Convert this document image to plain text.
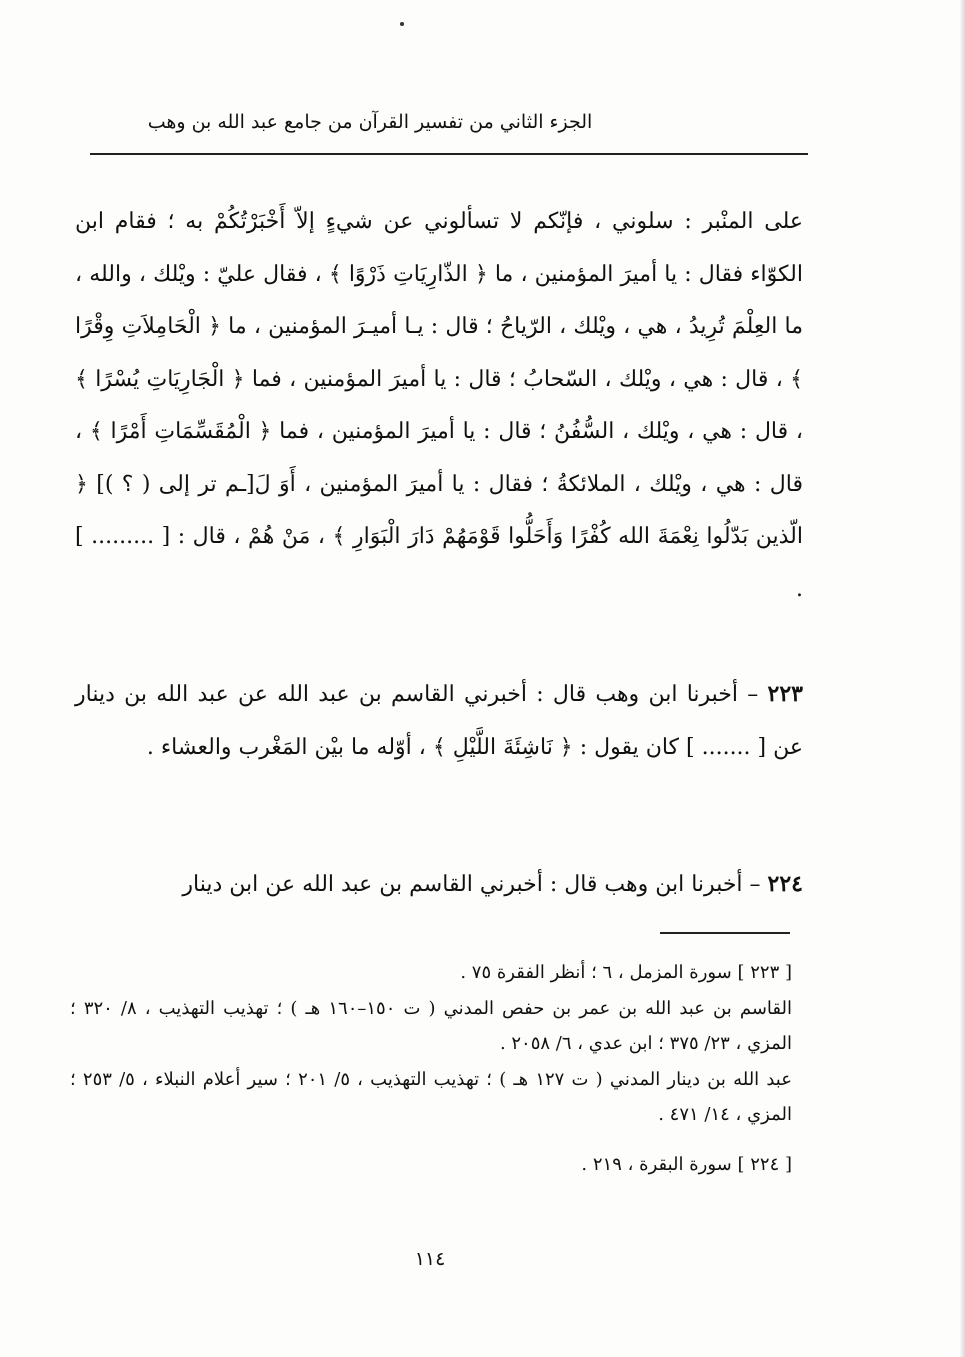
الجزء الثاني من تفسير القرآن من جامع عبد الله بن وهب
على المنْبر : سلوني ، فإنّكم لا تسألوني عن شيءٍ إلاّ أَخْبَرْتُكُمْ به ؛ فقام ابن الكوّاء فقال : يا أميرَ المؤمنين ، ما ﴿ الذّارِيَاتِ ذَرْوًا ﴾ ، فقال عليّ : ويْلك ، والله ، ما العِلْمَ تُرِيدُ ، هي ، ويْلك ، الرّياحُ ؛ قال : يـا أميـرَ المؤمنين ، ما ﴿ الْحَامِلاَتِ وِقْرًا ﴾ ، قال : هي ، ويْلك ، السّحابُ ؛ قال : يا أميرَ المؤمنين ، فما ﴿ الْجَارِيَاتِ يُسْرًا ﴾ ، قال : هي ، ويْلك ، السُّفُنُ ؛ قال : يا أميرَ المؤمنين ، فما ﴿ الْمُقَسِّمَاتِ أَمْرًا ﴾ ، قال : هي ، ويْلك ، الملائكةُ ؛ فقال : يا أميرَ المؤمنين ، أَوَ لَ[ـم تر إلى ( ؟ )] ﴿ الّذين بَدّلُوا نِعْمَةَ الله كُفْرًا وَأَحَلُّوا قَوْمَهُمْ دَارَ الْبَوَارِ ﴾ ، مَنْ هُمْ ، قال : [ ......... ] .
٢٢٣ – أخبرنا ابن وهب قال : أخبرني القاسم بن عبد الله عن عبد الله بن دينار عن [ ....... ] كان يقول : ﴿ نَاشِئَةَ اللَّيْلِ ﴾ ، أوّله ما بيْن المَغْرب والعشاء .
٢٢٤ – أخبرنا ابن وهب قال : أخبرني القاسم بن عبد الله عن ابن دينار
[ ٢٢٣ ] سورة المزمل ، ٦ ؛ أنظر الفقرة ٧٥ .
القاسم بن عبد الله بن عمر بن حفص المدني ( ت ١٥٠–١٦٠ هـ ) ؛ تهذيب التهذيب ، ٨/ ٣٢٠ ؛ المزي ، ٢٣/ ٣٧٥ ؛ ابن عدي ، ٦/ ٢٠٥٨ .
عبد الله بن دينار المدني ( ت ١٢٧ هـ ) ؛ تهذيب التهذيب ، ٥/ ٢٠١ ؛ سير أعلام النبلاء ، ٥/ ٢٥٣ ؛ المزي ، ١٤/ ٤٧١ .
[ ٢٢٤ ] سورة البقرة ، ٢١٩ .
١١٤
